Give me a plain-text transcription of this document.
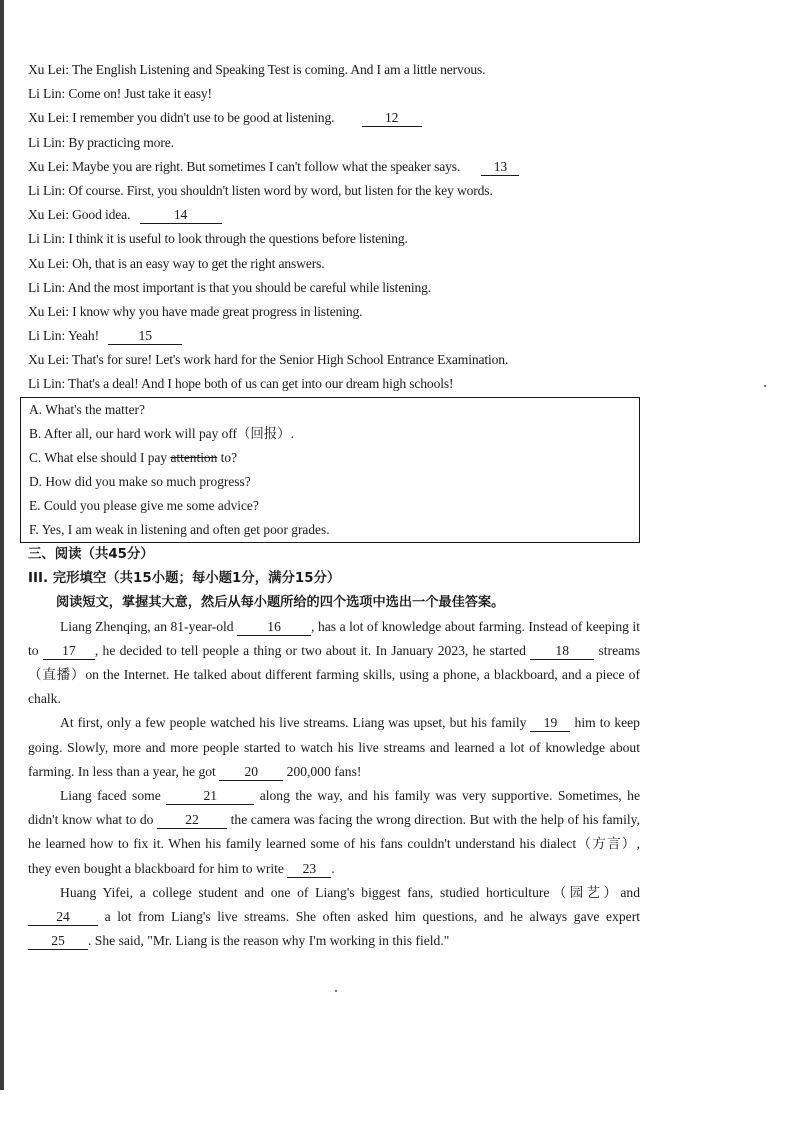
Xu Lei: The English Listening and Speaking Test is coming. And I am a little nervous.
Li Lin: Come on! Just take it easy!
Xu Lei: I remember you didn't use to be good at listening.	12
Li Lin: By practicing more.
Xu Lei: Maybe you are right. But sometimes I can't follow what the speaker says. 13
Li Lin: Of course. First, you shouldn't listen word by word, but listen for the key words.
Xu Lei: Good idea.	14
Li Lin: I think it is useful to look through the questions before listening.
Xu Lei: Oh, that is an easy way to get the right answers.
Li Lin: And the most important is that you should be careful while listening.
Xu Lei: I know why you have made great progress in listening.
Li Lin: Yeah!	15
Xu Lei: That's for sure! Let's work hard for the Senior High School Entrance Examination.
Li Lin: That's a deal! And I hope both of us can get into our dream high schools!
A. What's the matter?
B. After all, our hard work will pay off（回报）.
C. What else should I pay attention to?
D. How did you make so much progress?
E. Could you please give me some advice?
F. Yes, I am weak in listening and often get poor grades.
三、阅读（共45分）
III. 完形填空（共15小题；每小题1分，满分15分）
阅读短文，掌握其大意，然后从每小题所给的四个选项中选出一个最佳答案。
Liang Zhenqing, an 81-year-old 16 , has a lot of knowledge about farming. Instead of keeping it to 17 , he decided to tell people a thing or two about it. In January 2023, he started 18 streams（直播）on the Internet. He talked about different farming skills, using a phone, a blackboard, and a piece of chalk.
At first, only a few people watched his live streams. Liang was upset, but his family 19 him to keep going. Slowly, more and more people started to watch his live streams and learned a lot of knowledge about farming. In less than a year, he got 20 200,000 fans!
Liang faced some	21	along the way, and his family was very supportive. Sometimes, he didn't know what to do 22 the camera was facing the wrong direction. But with the help of his family, he learned how to fix it. When his family learned some of his fans couldn't understand his dialect（方言）, they even bought a blackboard for him to write 23 .
Huang Yifei, a college student and one of Liang's biggest fans, studied horticulture（园艺）and 24	a lot from Liang's live streams. She often asked him questions, and he always gave expert 25 . She said, "Mr. Liang is the reason why I'm working in this field."
